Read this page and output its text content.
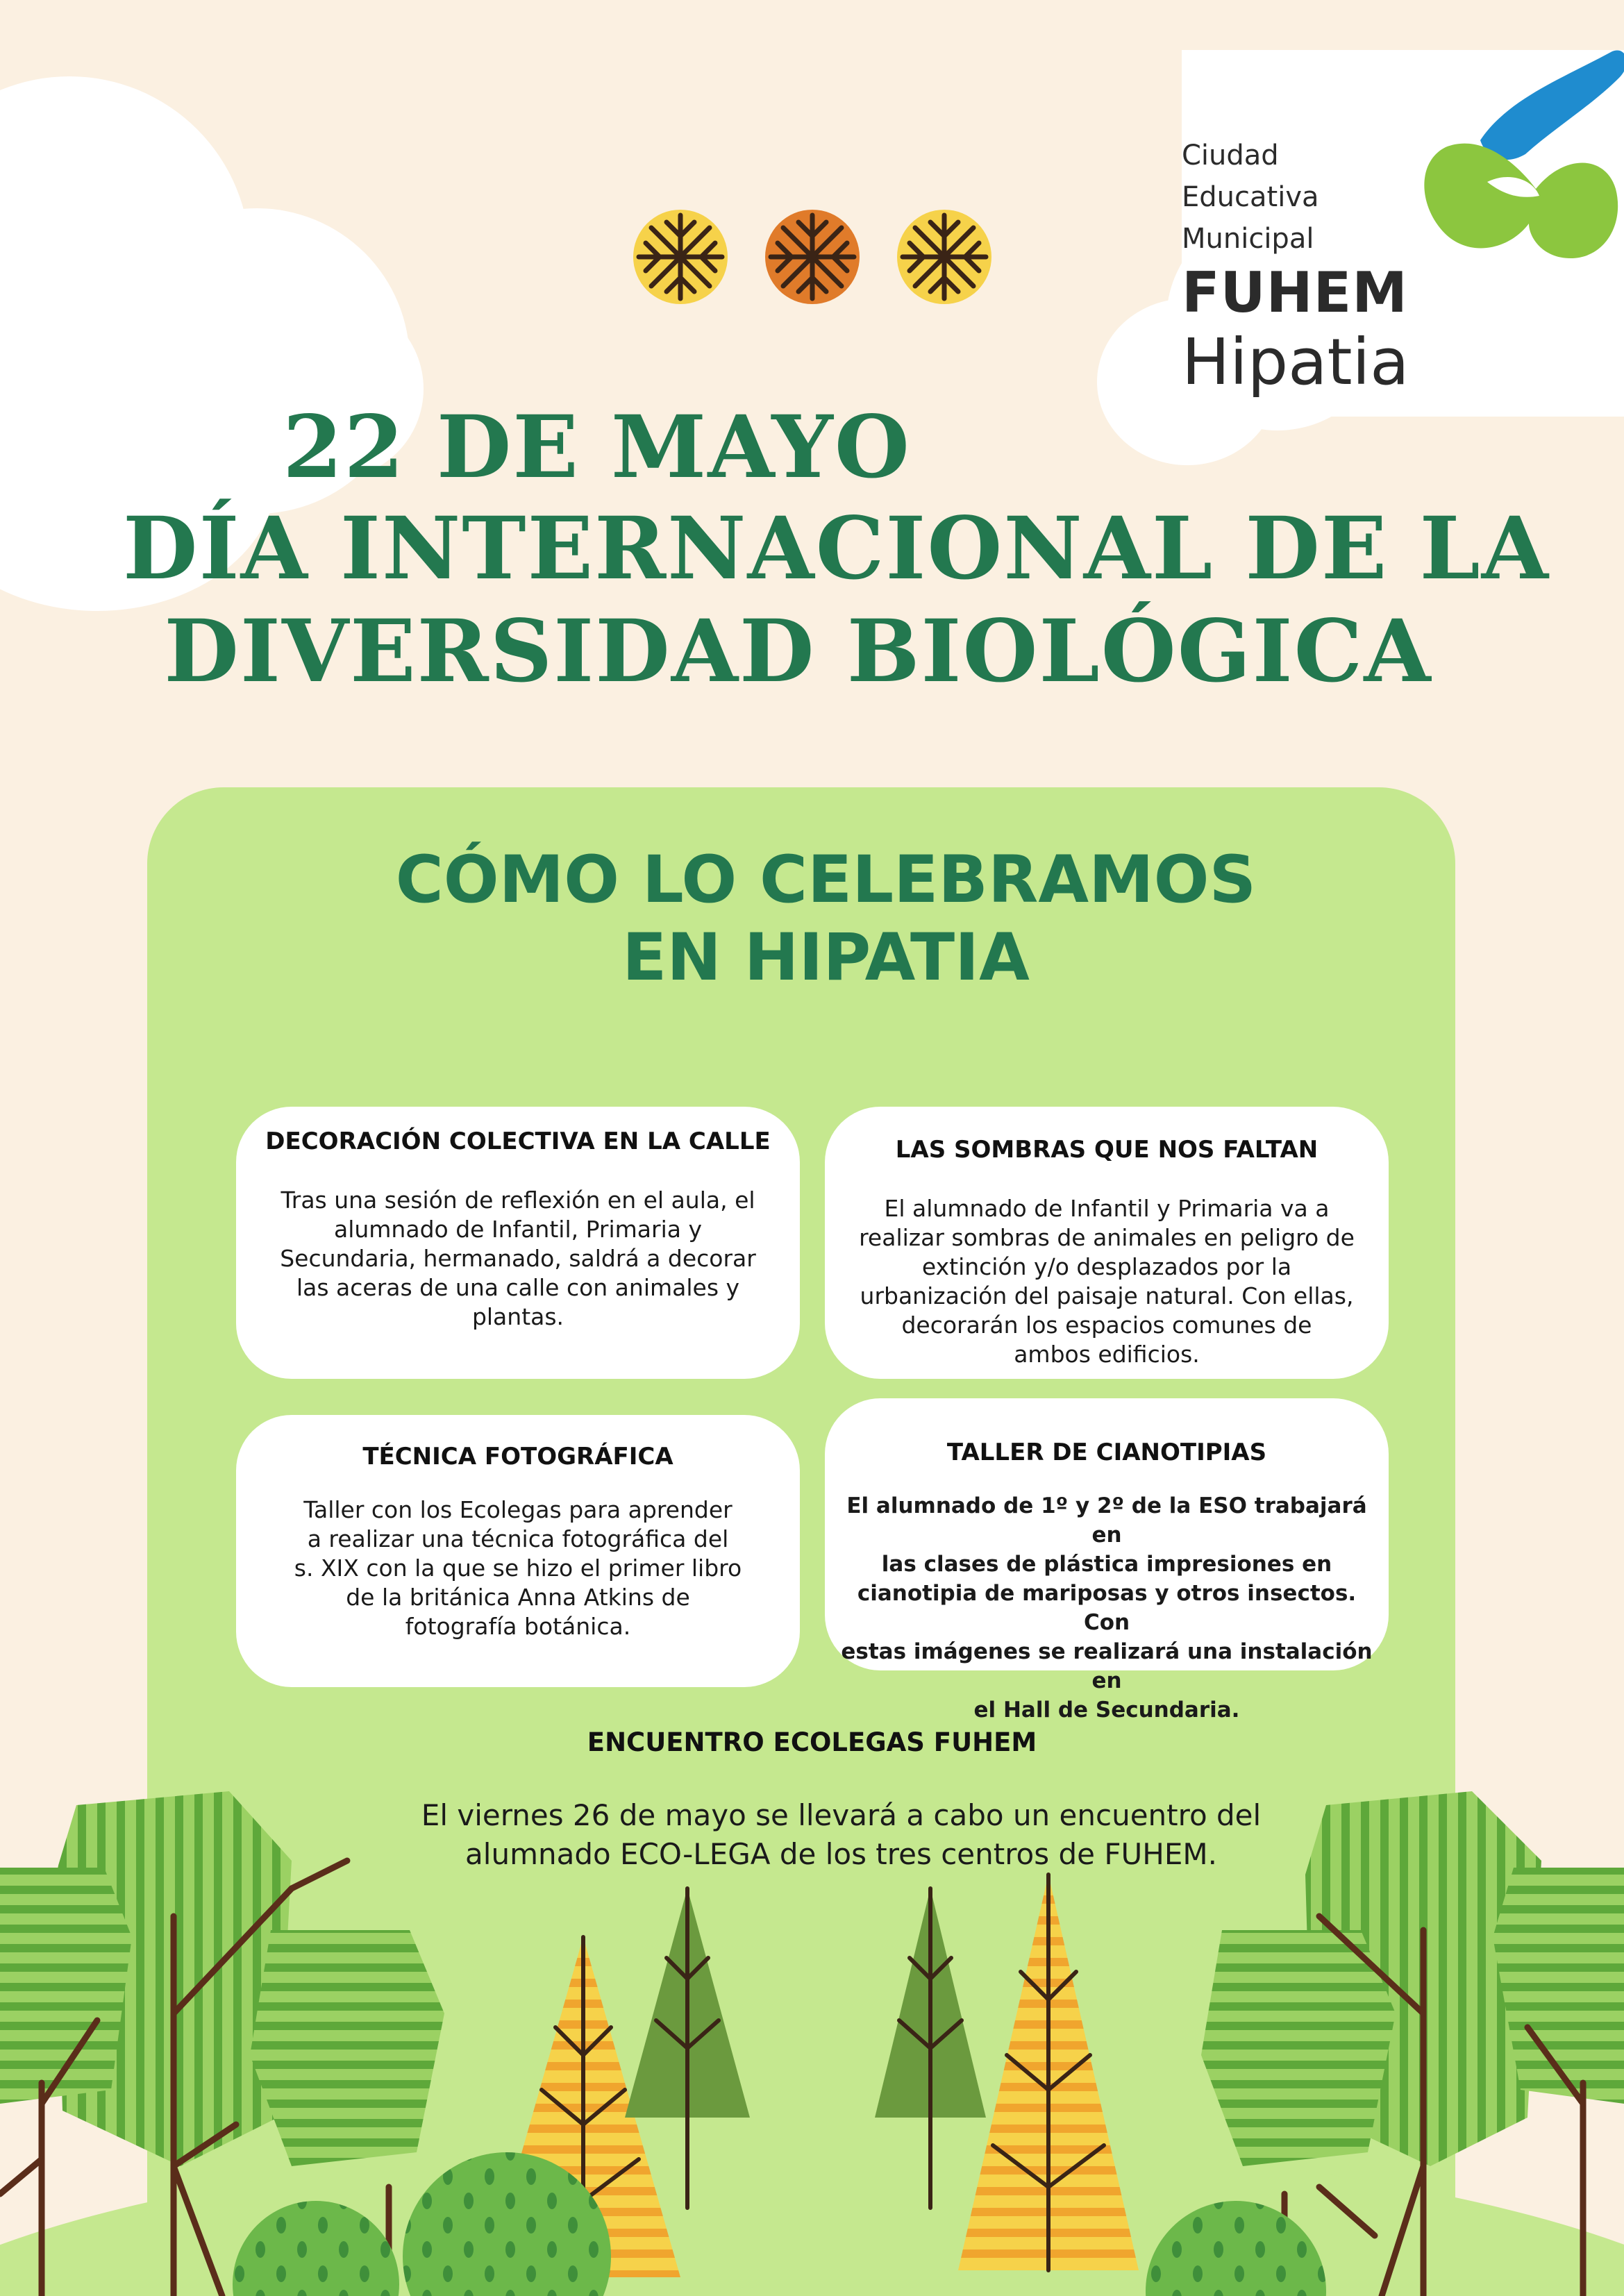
Ciudad
Educativa
Municipal
FUHEM
Hipatia
22 DE MAYO
DÍA INTERNACIONAL DE LA
DIVERSIDAD BIOLÓGICA
CÓMO LO CELEBRAMOS
EN HIPATIA
DECORACIÓN COLECTIVA EN LA CALLE
Tras una sesión de reflexión en el aula, el
alumnado de Infantil, Primaria y
Secundaria, hermanado, saldrá a decorar
las aceras de una calle con animales y
plantas.
LAS SOMBRAS QUE NOS FALTAN
El alumnado de Infantil y Primaria va a
realizar sombras de animales en peligro de
extinción y/o desplazados por la
urbanización del paisaje natural. Con ellas,
decorarán los espacios comunes de
ambos edificios.
TÉCNICA FOTOGRÁFICA
Taller con los Ecolegas para aprender
a realizar una técnica fotográfica del
s. XIX con la que se hizo el primer libro
de la británica Anna Atkins de
fotografía botánica.
TALLER DE CIANOTIPIAS
El alumnado de 1º y 2º de la ESO trabajará en
las clases de plástica impresiones en
cianotipia de mariposas y otros insectos. Con
estas imágenes se realizará una instalación en
el Hall de Secundaria.
ENCUENTRO ECOLEGAS FUHEM
El viernes 26 de mayo se llevará a cabo un encuentro del
alumnado ECO-LEGA de los tres centros de FUHEM.
